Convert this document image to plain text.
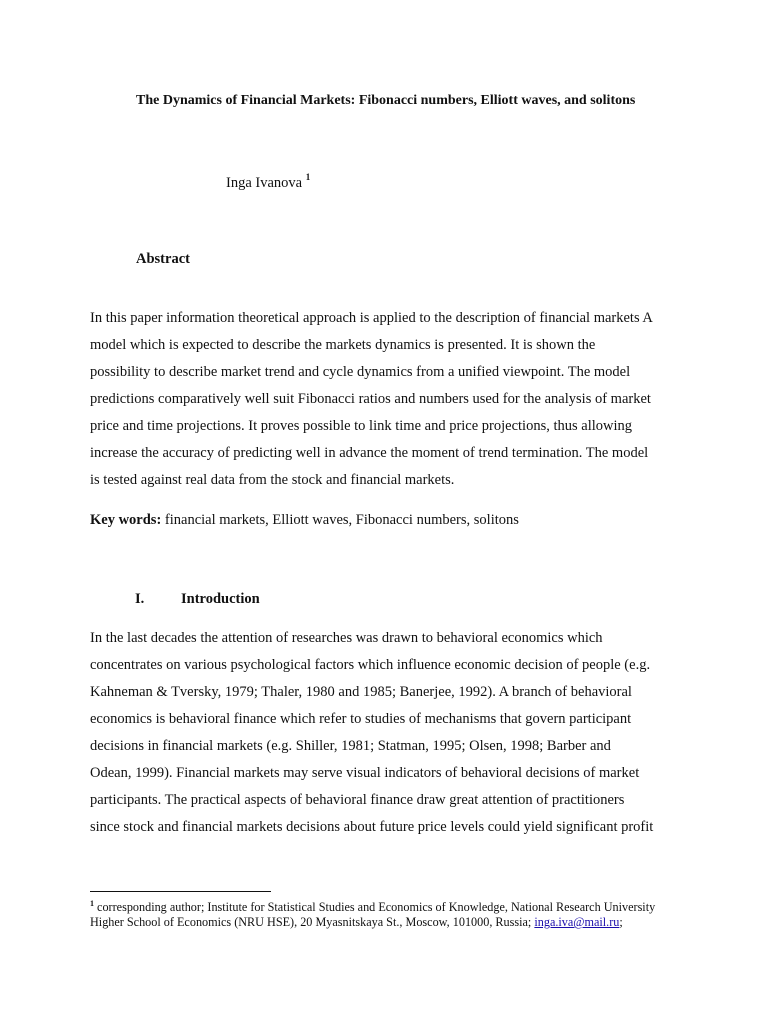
The Dynamics of Financial Markets: Fibonacci numbers, Elliott waves, and solitons
Inga Ivanova $^1$
Abstract
In this paper information theoretical approach is applied to the description of financial markets A
model which is expected to describe the markets dynamics is presented. It is shown the
possibility to describe market trend and cycle dynamics from a unified viewpoint. The model
predictions comparatively well suit Fibonacci ratios and numbers used for the analysis of market
price and time projections. It proves possible to link time and price projections, thus allowing
increase the accuracy of predicting well in advance the moment of trend termination. The model
is tested against real data from the stock and financial markets.
Key words: financial markets, Elliott waves, Fibonacci numbers, solitons
I.	Introduction
In the last decades the attention of researches was drawn to behavioral economics which
concentrates on various psychological factors which influence economic decision of people (e.g.
Kahneman & Tversky, 1979; Thaler, 1980 and 1985; Banerjee, 1992). A branch of behavioral
economics is behavioral finance which refer to studies of mechanisms that govern participant
decisions in financial markets (e.g. Shiller, 1981; Statman, 1995; Olsen, 1998; Barber and
Odean, 1999). Financial markets may serve visual indicators of behavioral decisions of market
participants. The practical aspects of behavioral finance draw great attention of practitioners
since stock and financial markets decisions about future price levels could yield significant profit
$^1$ corresponding author; Institute for Statistical Studies and Economics of Knowledge, National Research University
Higher School of Economics (NRU HSE), 20 Myasnitskaya St., Moscow, 101000, Russia; inga.iva@mail.ru;
